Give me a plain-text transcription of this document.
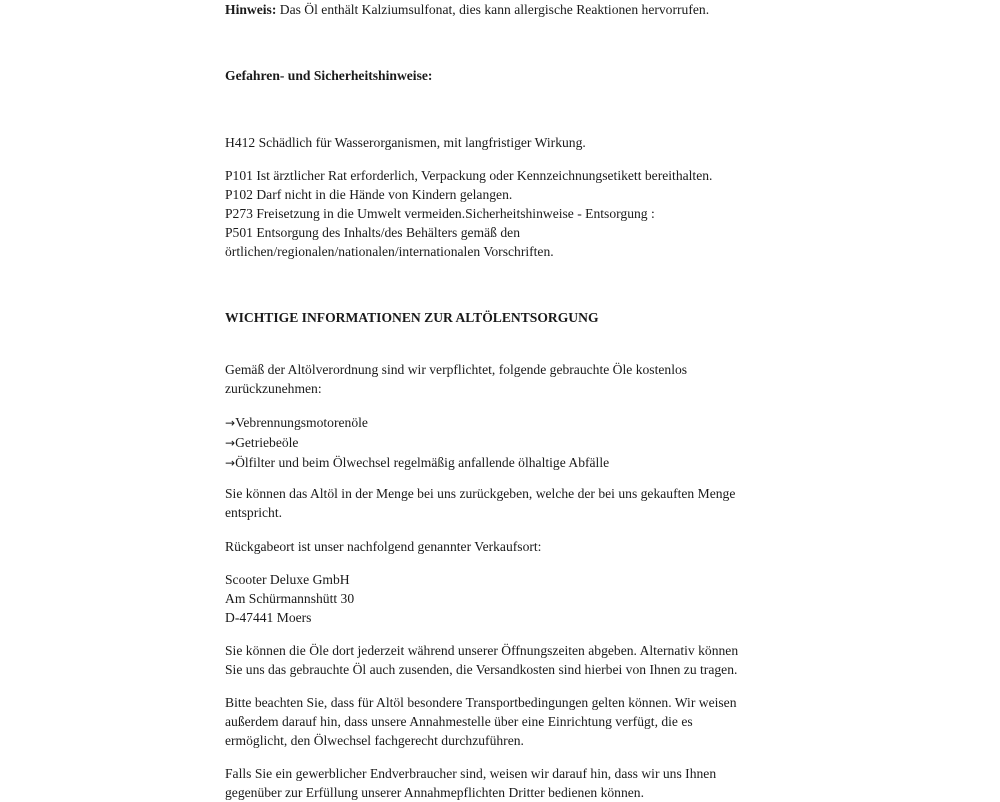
Hinweis: Das Öl enthält Kalziumsulfonat, dies kann allergische Reaktionen hervorrufen.
Gefahren- und Sicherheitshinweise:
H412 Schädlich für Wasserorganismen, mit langfristiger Wirkung.
P101 Ist ärztlicher Rat erforderlich, Verpackung oder Kennzeichnungsetikett bereithalten.
P102 Darf nicht in die Hände von Kindern gelangen.
P273 Freisetzung in die Umwelt vermeiden.Sicherheitshinweise - Entsorgung :
P501 Entsorgung des Inhalts/des Behälters gemäß den
örtlichen/regionalen/nationalen/internationalen Vorschriften.
WICHTIGE INFORMATIONEN ZUR ALTÖLENTSORGUNG
Gemäß der Altölverordnung sind wir verpflichtet, folgende gebrauchte Öle kostenlos
zurückzunehmen:
→Vebrennungsmotorenöle
→Getriebeöle
→Ölfilter und beim Ölwechsel regelmäßig anfallende ölhaltige Abfälle
Sie können das Altöl in der Menge bei uns zurückgeben, welche der bei uns gekauften Menge
entspricht.
Rückgabeort ist unser nachfolgend genannter Verkaufsort:
Scooter Deluxe GmbH
Am Schürmannshütt 30
D-47441 Moers
Sie können die Öle dort jederzeit während unserer Öffnungszeiten abgeben. Alternativ können
Sie uns das gebrauchte Öl auch zusenden, die Versandkosten sind hierbei von Ihnen zu tragen.
Bitte beachten Sie, dass für Altöl besondere Transportbedingungen gelten können. Wir weisen
außerdem darauf hin, dass unsere Annahmestelle über eine Einrichtung verfügt, die es
ermöglicht, den Ölwechsel fachgerecht durchzuführen.
Falls Sie ein gewerblicher Endverbraucher sind, weisen wir darauf hin, dass wir uns Ihnen
gegenüber zur Erfüllung unserer Annahmepflichten Dritter bedienen können.
